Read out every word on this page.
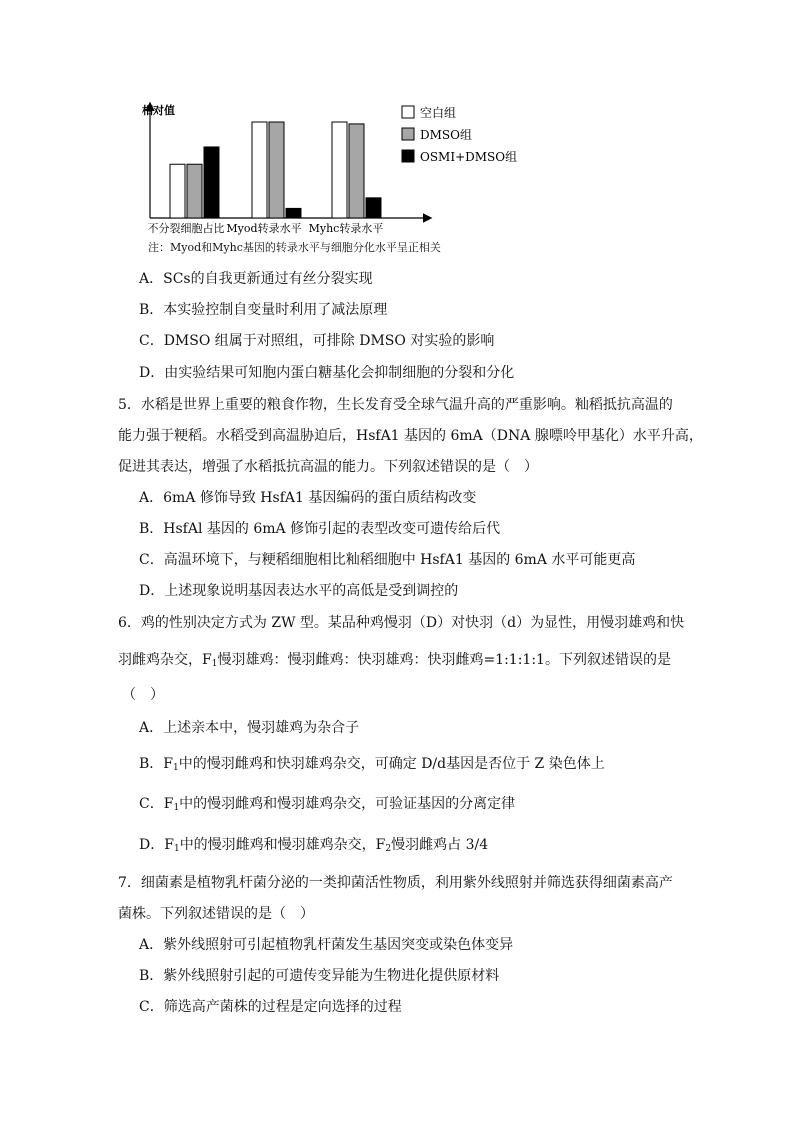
相对值
不分裂细胞占比 Myod转录水平 Myhc转录水平
空白组
DMSO组
OSMI+DMSO组
注：Myod和Myhc基因的转录水平与细胞分化水平呈正相关
A．SCs的自我更新通过有丝分裂实现
B．本实验控制自变量时利用了减法原理
C．DMSO 组属于对照组，可排除 DMSO 对实验的影响
D．由实验结果可知胞内蛋白糖基化会抑制细胞的分裂和分化
5．水稻是世界上重要的粮食作物，生长发育受全球气温升高的严重影响。籼稻抵抗高温的
能力强于粳稻。水稻受到高温胁迫后，HsfA1 基因的 6mA（DNA 腺嘌呤甲基化）水平升高，
促进其表达，增强了水稻抵抗高温的能力。下列叙述错误的是（　）
A．6mA 修饰导致 HsfA1 基因编码的蛋白质结构改变
B．HsfAl 基因的 6mA 修饰引起的表型改变可遗传给后代
C．高温环境下，与粳稻细胞相比籼稻细胞中 HsfA1 基因的 6mA 水平可能更高
D．上述现象说明基因表达水平的高低是受到调控的
6．鸡的性别决定方式为 ZW 型。某品种鸡慢羽（D）对快羽（d）为显性，用慢羽雄鸡和快
羽雌鸡杂交，$F_1$慢羽雄鸡：慢羽雌鸡：快羽雄鸡：快羽雌鸡=1:1:1:1。下列叙述错误的是
（　）
A．上述亲本中，慢羽雄鸡为杂合子
B．$F_1$中的慢羽雌鸡和快羽雄鸡杂交，可确定 D/d基因是否位于 Z 染色体上
C．$F_1$中的慢羽雌鸡和慢羽雄鸡杂交，可验证基因的分离定律
D．$F_1$中的慢羽雌鸡和慢羽雄鸡杂交，$F_2$慢羽雌鸡占 3/4
7．细菌素是植物乳杆菌分泌的一类抑菌活性物质，利用紫外线照射并筛选获得细菌素高产
菌株。下列叙述错误的是（　）
A．紫外线照射可引起植物乳杆菌发生基因突变或染色体变异
B．紫外线照射引起的可遗传变异能为生物进化提供原材料
C．筛选高产菌株的过程是定向选择的过程
